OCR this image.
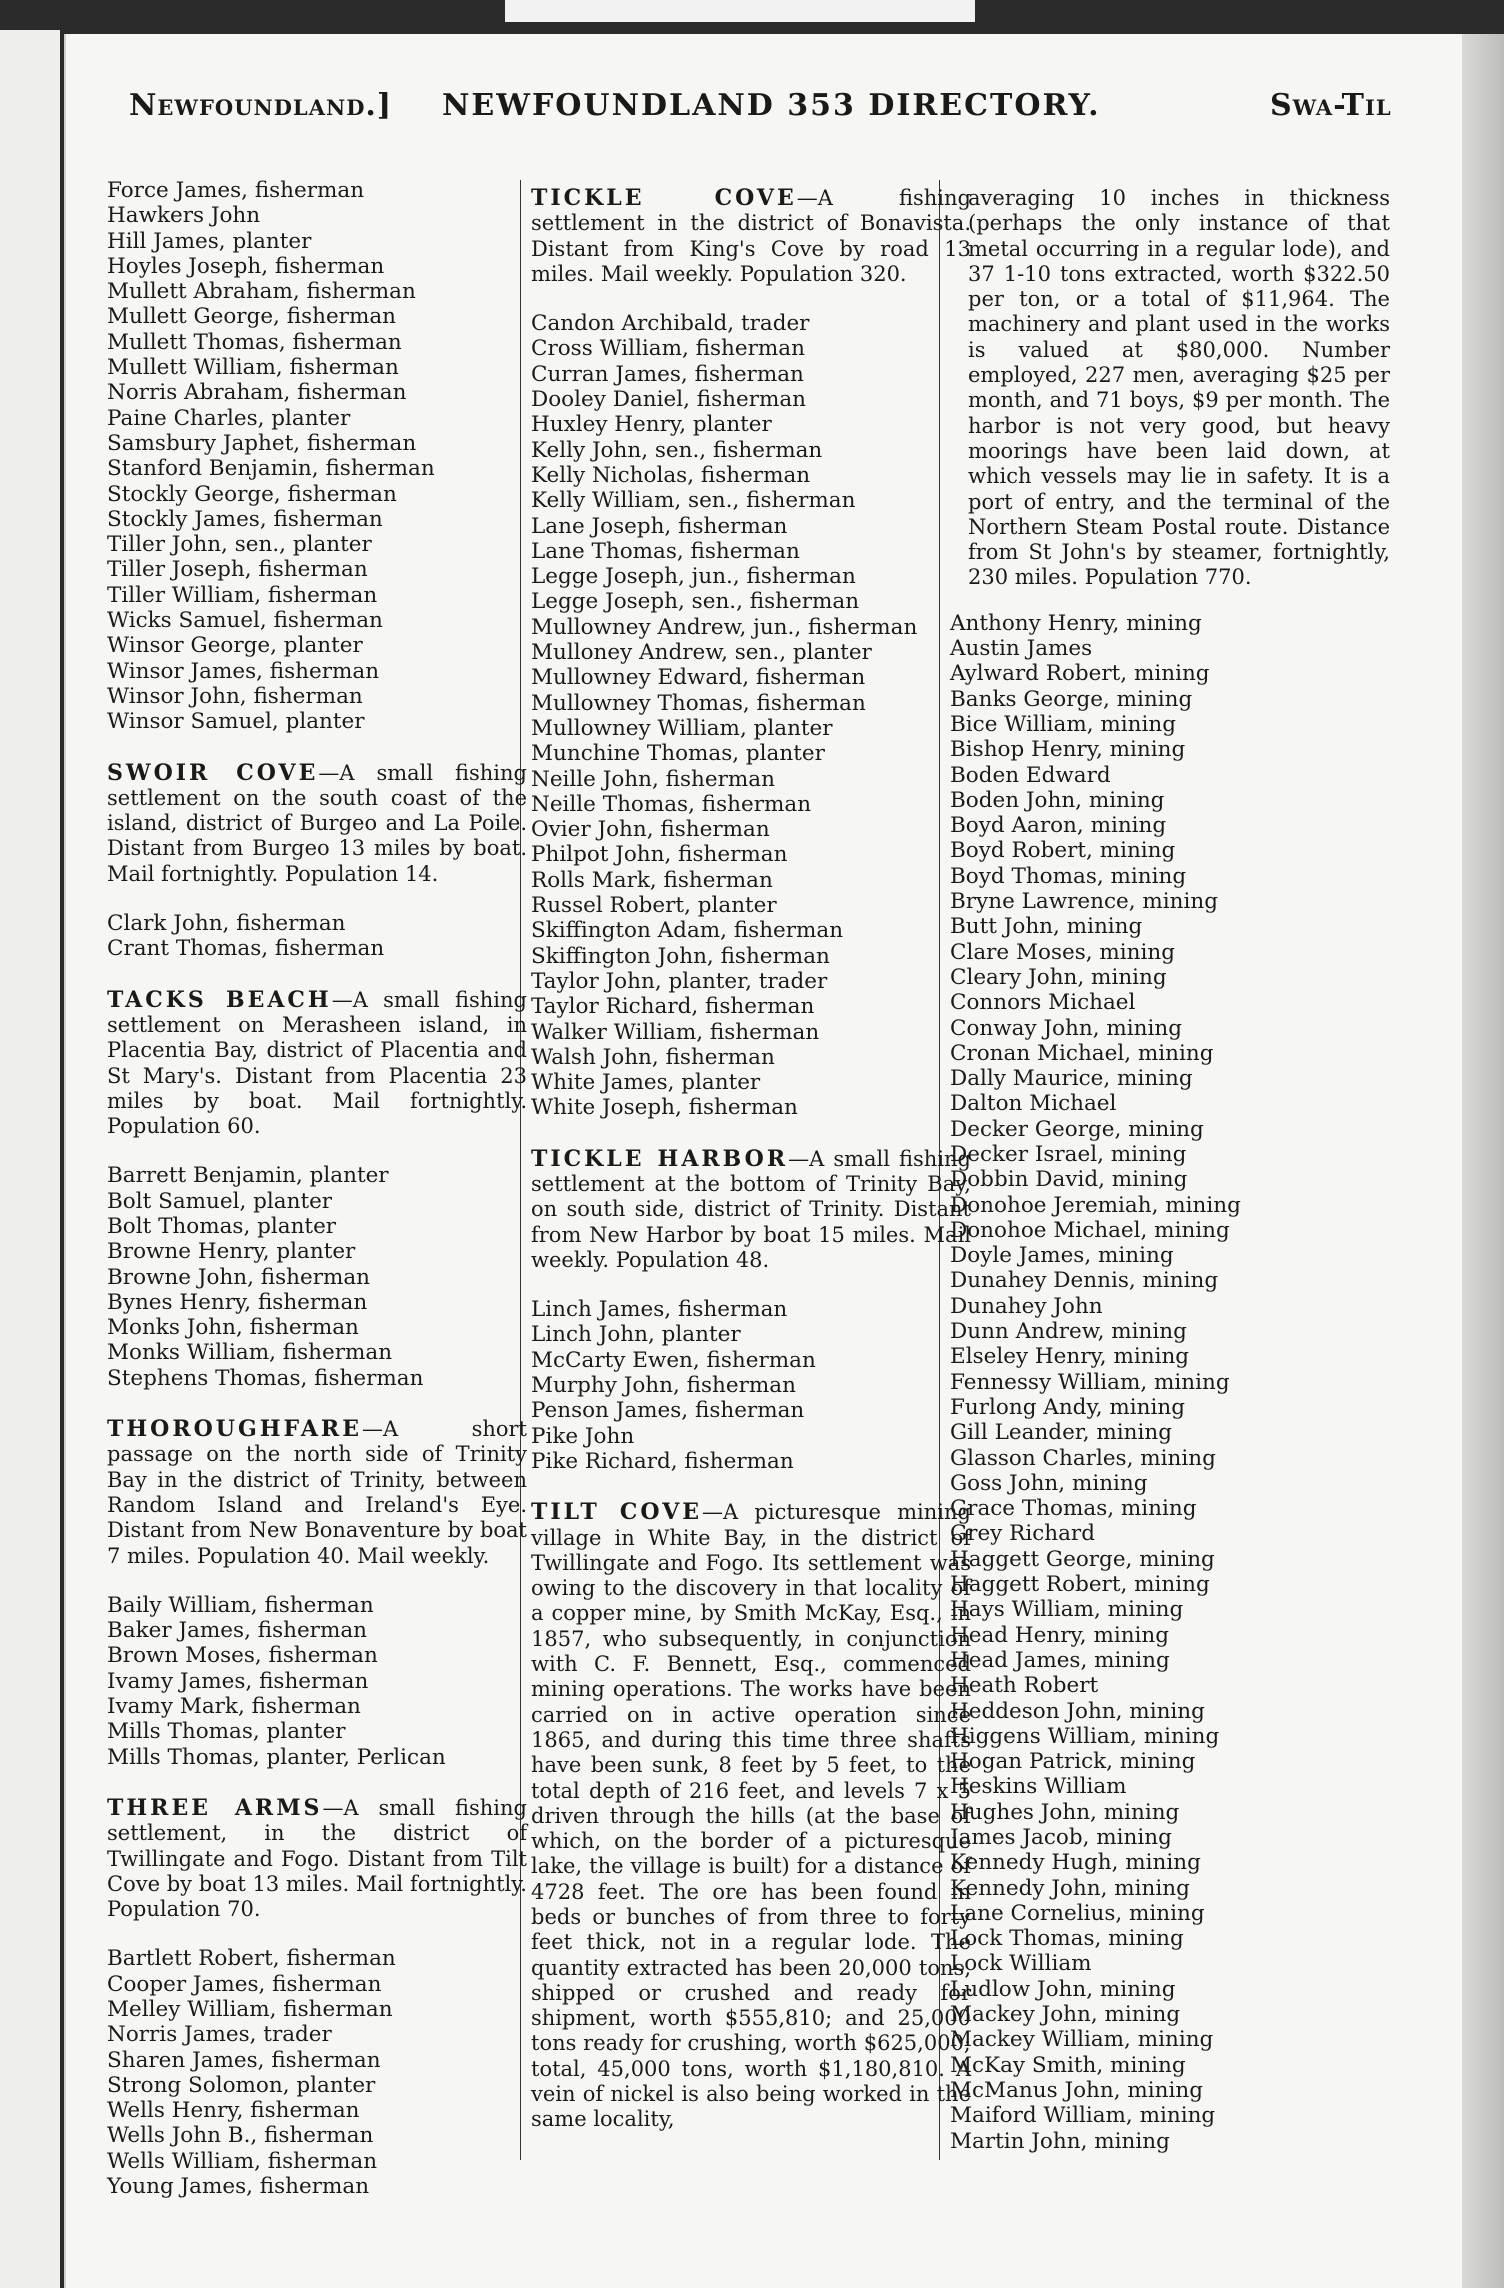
Newfoundland.] NEWFOUNDLAND 353 DIRECTORY.	Swa-Til
Force James, fisherman
Hawkers John
Hill James, planter
Hoyles Joseph, fisherman
Mullett Abraham, fisherman
Mullett George, fisherman
Mullett Thomas, fisherman
Mullett William, fisherman
Norris Abraham, fisherman
Paine Charles, planter
Samsbury Japhet, fisherman
Stanford Benjamin, fisherman
Stockly George, fisherman
Stockly James, fisherman
Tiller John, sen., planter
Tiller Joseph, fisherman
Tiller William, fisherman
Wicks Samuel, fisherman
Winsor George, planter
Winsor James, fisherman
Winsor John, fisherman
Winsor Samuel, planter
SWOIR COVE—A small fishing settlement on the south coast of the island, district of Burgeo and La Poile. Distant from Burgeo 13 miles by boat. Mail fortnightly. Population 14.
Clark John, fisherman
Crant Thomas, fisherman
TACKS BEACH—A small fishing settlement on Merasheen island, in Placentia Bay, district of Placentia and St Mary's. Distant from Placentia 23 miles by boat. Mail fortnightly. Population 60.
Barrett Benjamin, planter
Bolt Samuel, planter
Bolt Thomas, planter
Browne Henry, planter
Browne John, fisherman
Bynes Henry, fisherman
Monks John, fisherman
Monks William, fisherman
Stephens Thomas, fisherman
THOROUGHFARE—A short passage on the north side of Trinity Bay in the district of Trinity, between Random Island and Ireland's Eye. Distant from New Bonaventure by boat 7 miles. Population 40. Mail weekly.
Baily William, fisherman
Baker James, fisherman
Brown Moses, fisherman
Ivamy James, fisherman
Ivamy Mark, fisherman
Mills Thomas, planter
Mills Thomas, planter, Perlican
THREE ARMS—A small fishing settlement, in the district of Twillingate and Fogo. Distant from Tilt Cove by boat 13 miles. Mail fortnightly. Population 70.
Bartlett Robert, fisherman
Cooper James, fisherman
Melley William, fisherman
Norris James, trader
Sharen James, fisherman
Strong Solomon, planter
Wells Henry, fisherman
Wells John B., fisherman
Wells William, fisherman
Young James, fisherman
TICKLE COVE—A fishing settlement in the district of Bonavista. Distant from King's Cove by road 13 miles. Mail weekly. Population 320.
Candon Archibald, trader
Cross William, fisherman
Curran James, fisherman
Dooley Daniel, fisherman
Huxley Henry, planter
Kelly John, sen., fisherman
Kelly Nicholas, fisherman
Kelly William, sen., fisherman
Lane Joseph, fisherman
Lane Thomas, fisherman
Legge Joseph, jun., fisherman
Legge Joseph, sen., fisherman
Mullowney Andrew, jun., fisherman
Mulloney Andrew, sen., planter
Mullowney Edward, fisherman
Mullowney Thomas, fisherman
Mullowney William, planter
Munchine Thomas, planter
Neille John, fisherman
Neille Thomas, fisherman
Ovier John, fisherman
Philpot John, fisherman
Rolls Mark, fisherman
Russel Robert, planter
Skiffington Adam, fisherman
Skiffington John, fisherman
Taylor John, planter, trader
Taylor Richard, fisherman
Walker William, fisherman
Walsh John, fisherman
White James, planter
White Joseph, fisherman
TICKLE HARBOR—A small fishing settlement at the bottom of Trinity Bay, on south side, district of Trinity. Distant from New Harbor by boat 15 miles. Mail weekly. Population 48.
Linch James, fisherman
Linch John, planter
McCarty Ewen, fisherman
Murphy John, fisherman
Penson James, fisherman
Pike John
Pike Richard, fisherman
TILT COVE—A picturesque mining village in White Bay, in the district of Twillingate and Fogo. Its settlement was owing to the discovery in that locality of a copper mine, by Smith McKay, Esq., in 1857, who subsequently, in conjunction with C. F. Bennett, Esq., commenced mining operations. The works have been carried on in active operation since 1865, and during this time three shafts have been sunk, 8 feet by 5 feet, to the total depth of 216 feet, and levels 7 x 5 driven through the hills (at the base of which, on the border of a picturesque lake, the village is built) for a distance of 4728 feet. The ore has been found in beds or bunches of from three to forty feet thick, not in a regular lode. The quantity extracted has been 20,000 tons, shipped or crushed and ready for shipment, worth $555,810; and 25,000 tons ready for crushing, worth $625,000; total, 45,000 tons, worth $1,180,810. A vein of nickel is also being worked in the same locality,
averaging 10 inches in thickness (perhaps the only instance of that metal occurring in a regular lode), and 37 1-10 tons extracted, worth $322.50 per ton, or a total of $11,964. The machinery and plant used in the works is valued at $80,000. Number employed, 227 men, averaging $25 per month, and 71 boys, $9 per month. The harbor is not very good, but heavy moorings have been laid down, at which vessels may lie in safety. It is a port of entry, and the terminal of the Northern Steam Postal route. Distance from St John's by steamer, fortnightly, 230 miles. Population 770.
Anthony Henry, mining
Austin James
Aylward Robert, mining
Banks George, mining
Bice William, mining
Bishop Henry, mining
Boden Edward
Boden John, mining
Boyd Aaron, mining
Boyd Robert, mining
Boyd Thomas, mining
Bryne Lawrence, mining
Butt John, mining
Clare Moses, mining
Cleary John, mining
Connors Michael
Conway John, mining
Cronan Michael, mining
Dally Maurice, mining
Dalton Michael
Decker George, mining
Decker Israel, mining
Dobbin David, mining
Donohoe Jeremiah, mining
Donohoe Michael, mining
Doyle James, mining
Dunahey Dennis, mining
Dunahey John
Dunn Andrew, mining
Elseley Henry, mining
Fennessy William, mining
Furlong Andy, mining
Gill Leander, mining
Glasson Charles, mining
Goss John, mining
Grace Thomas, mining
Grey Richard
Haggett George, mining
Haggett Robert, mining
Hays William, mining
Head Henry, mining
Head James, mining
Heath Robert
Heddeson John, mining
Higgens William, mining
Hogan Patrick, mining
Heskins William
Hughes John, mining
James Jacob, mining
Kennedy Hugh, mining
Kennedy John, mining
Lane Cornelius, mining
Lock Thomas, mining
Lock William
Ludlow John, mining
Mackey John, mining
Mackey William, mining
McKay Smith, mining
McManus John, mining
Maiford William, mining
Martin John, mining
